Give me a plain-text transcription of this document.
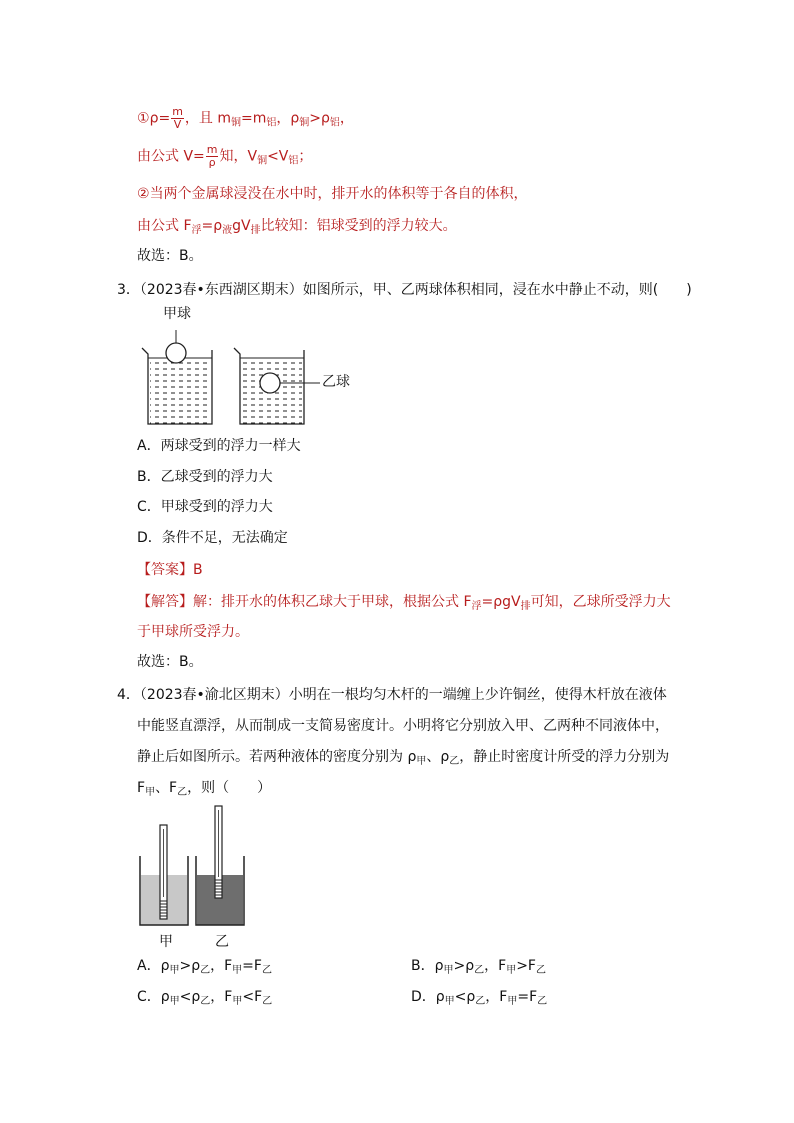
①ρ= $\frac{m}{V}$ ，且 $m_铜=m_铝$，$\rho_铜>\rho_铝$，
由公式 $V= \frac{m}{\rho}$ 知，$V_铜<V_铝$；
②当两个金属球浸没在水中时，排开水的体积等于各自的体积，
由公式 $F_浮=\rho_液gV_排$比较知：铝球受到的浮力较大。
故选：B。
3．（2023春•东西湖区期末）如图所示，甲、乙两球体积相同，浸在水中静止不动，则(　　)
甲球
乙球
A．两球受到的浮力一样大
B．乙球受到的浮力大
C．甲球受到的浮力大
D．条件不足，无法确定
【答案】B
【解答】解：排开水的体积乙球大于甲球，根据公式 $F_浮=\rho gV_排$可知，乙球所受浮力大
于甲球所受浮力。
故选：B。
4．（2023春•渝北区期末）小明在一根均匀木杆的一端缠上少许铜丝，使得木杆放在液体
中能竖直漂浮，从而制成一支简易密度计。小明将它分别放入甲、乙两种不同液体中，
静止后如图所示。若两种液体的密度分别为 $\rho_甲$、$\rho_乙$，静止时密度计所受的浮力分别为
$F_甲$、$F_乙$，则（　　）
甲	乙
A．$\rho_甲>\rho_乙$，$F_甲=F_乙$	B．$\rho_甲>\rho_乙$，$F_甲>F_乙$
C．$\rho_甲<\rho_乙$，$F_甲<F_乙$	D．$\rho_甲<\rho_乙$，$F_甲=F_乙$
